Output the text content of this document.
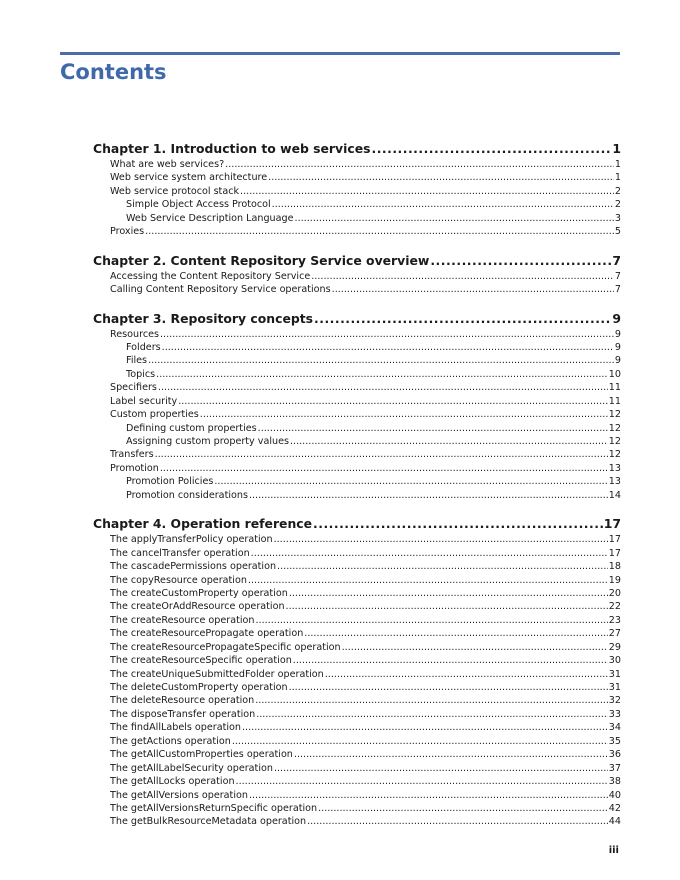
Contents
Chapter 1. Introduction to web services .....	1
What are web services? .....	1
Web service system architecture .....	1
Web service protocol stack .....	2
Simple Object Access Protocol .....	2
Web Service Description Language .....	3
Proxies .....	5
Chapter 2. Content Repository Service overview .....	7
Accessing the Content Repository Service .....	7
Calling Content Repository Service operations .....	7
Chapter 3. Repository concepts .....	9
Resources .....	9
Folders .....	9
Files .....	9
Topics .....	10
Specifiers .....	11
Label security .....	11
Custom properties .....	12
Defining custom properties .....	12
Assigning custom property values .....	12
Transfers .....	12
Promotion .....	13
Promotion Policies .....	13
Promotion considerations .....	14
Chapter 4. Operation reference .....	17
The applyTransferPolicy operation .....	17
The cancelTransfer operation .....	17
The cascadePermissions operation .....	18
The copyResource operation .....	19
The createCustomProperty operation .....	20
The createOrAddResource operation .....	22
The createResource operation .....	23
The createResourcePropagate operation .....	27
The createResourcePropagateSpecific operation .....	29
The createResourceSpecific operation .....	30
The createUniqueSubmittedFolder operation .....	31
The deleteCustomProperty operation .....	31
The deleteResource operation .....	32
The disposeTransfer operation .....	33
The findAllLabels operation .....	34
The getActions operation .....	35
The getAllCustomProperties operation .....	36
The getAllLabelSecurity operation .....	37
The getAllLocks operation .....	38
The getAllVersions operation .....	40
The getAllVersionsReturnSpecific operation .....	42
The getBulkResourceMetadata operation .....	44
iii
